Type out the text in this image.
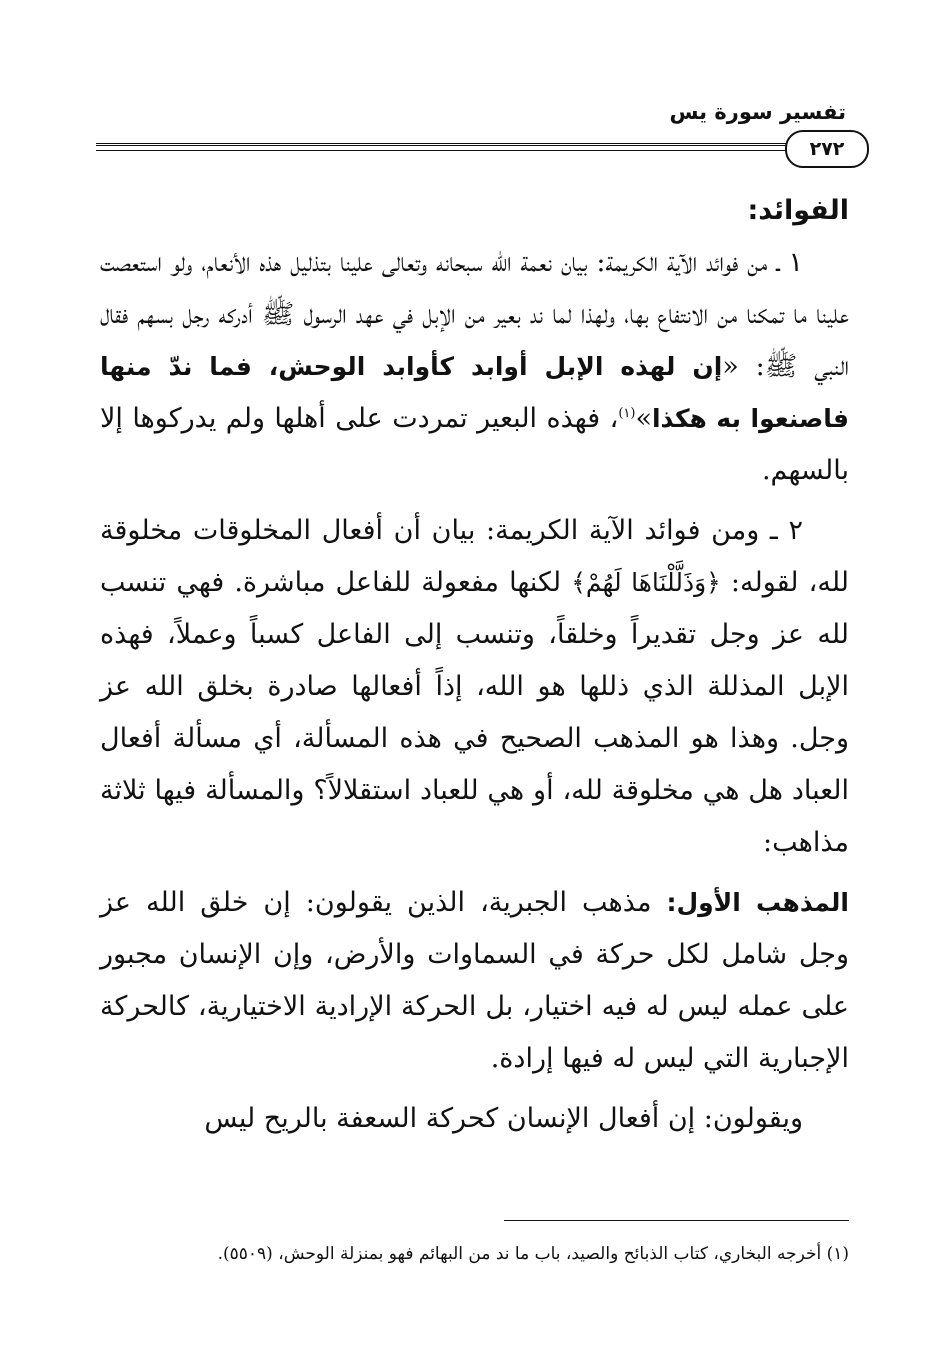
تفسير سورة يس
٢٧٢

الفوائد:

١ ـ من فوائد الآية الكريمة: بيان نعمة الله سبحانه وتعالى علينا بتذليل هذه الأنعام، ولو استعصت علينا ما تمكنا من الانتفاع بها، ولهذا لما ند بعير من الإبل في عهد الرسول ﷺ أدركه رجل بسهم فقال النبي ﷺ: «إن لهذه الإبل أوابد كأوابد الوحش، فما ندّ منها فاصنعوا به هكذا»$^{(١)}$، فهذه البعير تمردت على أهلها ولم يدركوها إلا بالسهم.

٢ ـ ومن فوائد الآية الكريمة: بيان أن أفعال المخلوقات مخلوقة لله، لقوله: ﴿وَذَلَّلْنَاهَا لَهُمْ﴾ لكنها مفعولة للفاعل مباشرة. فهي تنسب لله عز وجل تقديراً وخلقاً، وتنسب إلى الفاعل كسباً وعملاً، فهذه الإبل المذللة الذي ذللها هو الله، إذاً أفعالها صادرة بخلق الله عز وجل. وهذا هو المذهب الصحيح في هذه المسألة، أي مسألة أفعال العباد هل هي مخلوقة لله، أو هي للعباد استقلالاً؟ والمسألة فيها ثلاثة مذاهب:

المذهب الأول: مذهب الجبرية، الذين يقولون: إن خلق الله عز وجل شامل لكل حركة في السماوات والأرض، وإن الإنسان مجبور على عمله ليس له فيه اختيار، بل الحركة الإرادية الاختيارية، كالحركة الإجبارية التي ليس له فيها إرادة.

ويقولون: إن أفعال الإنسان كحركة السعفة بالريح ليس

(١) أخرجه البخاري، كتاب الذبائح والصيد، باب ما ند من البهائم فهو بمنزلة الوحش، (٥٥٠٩).
